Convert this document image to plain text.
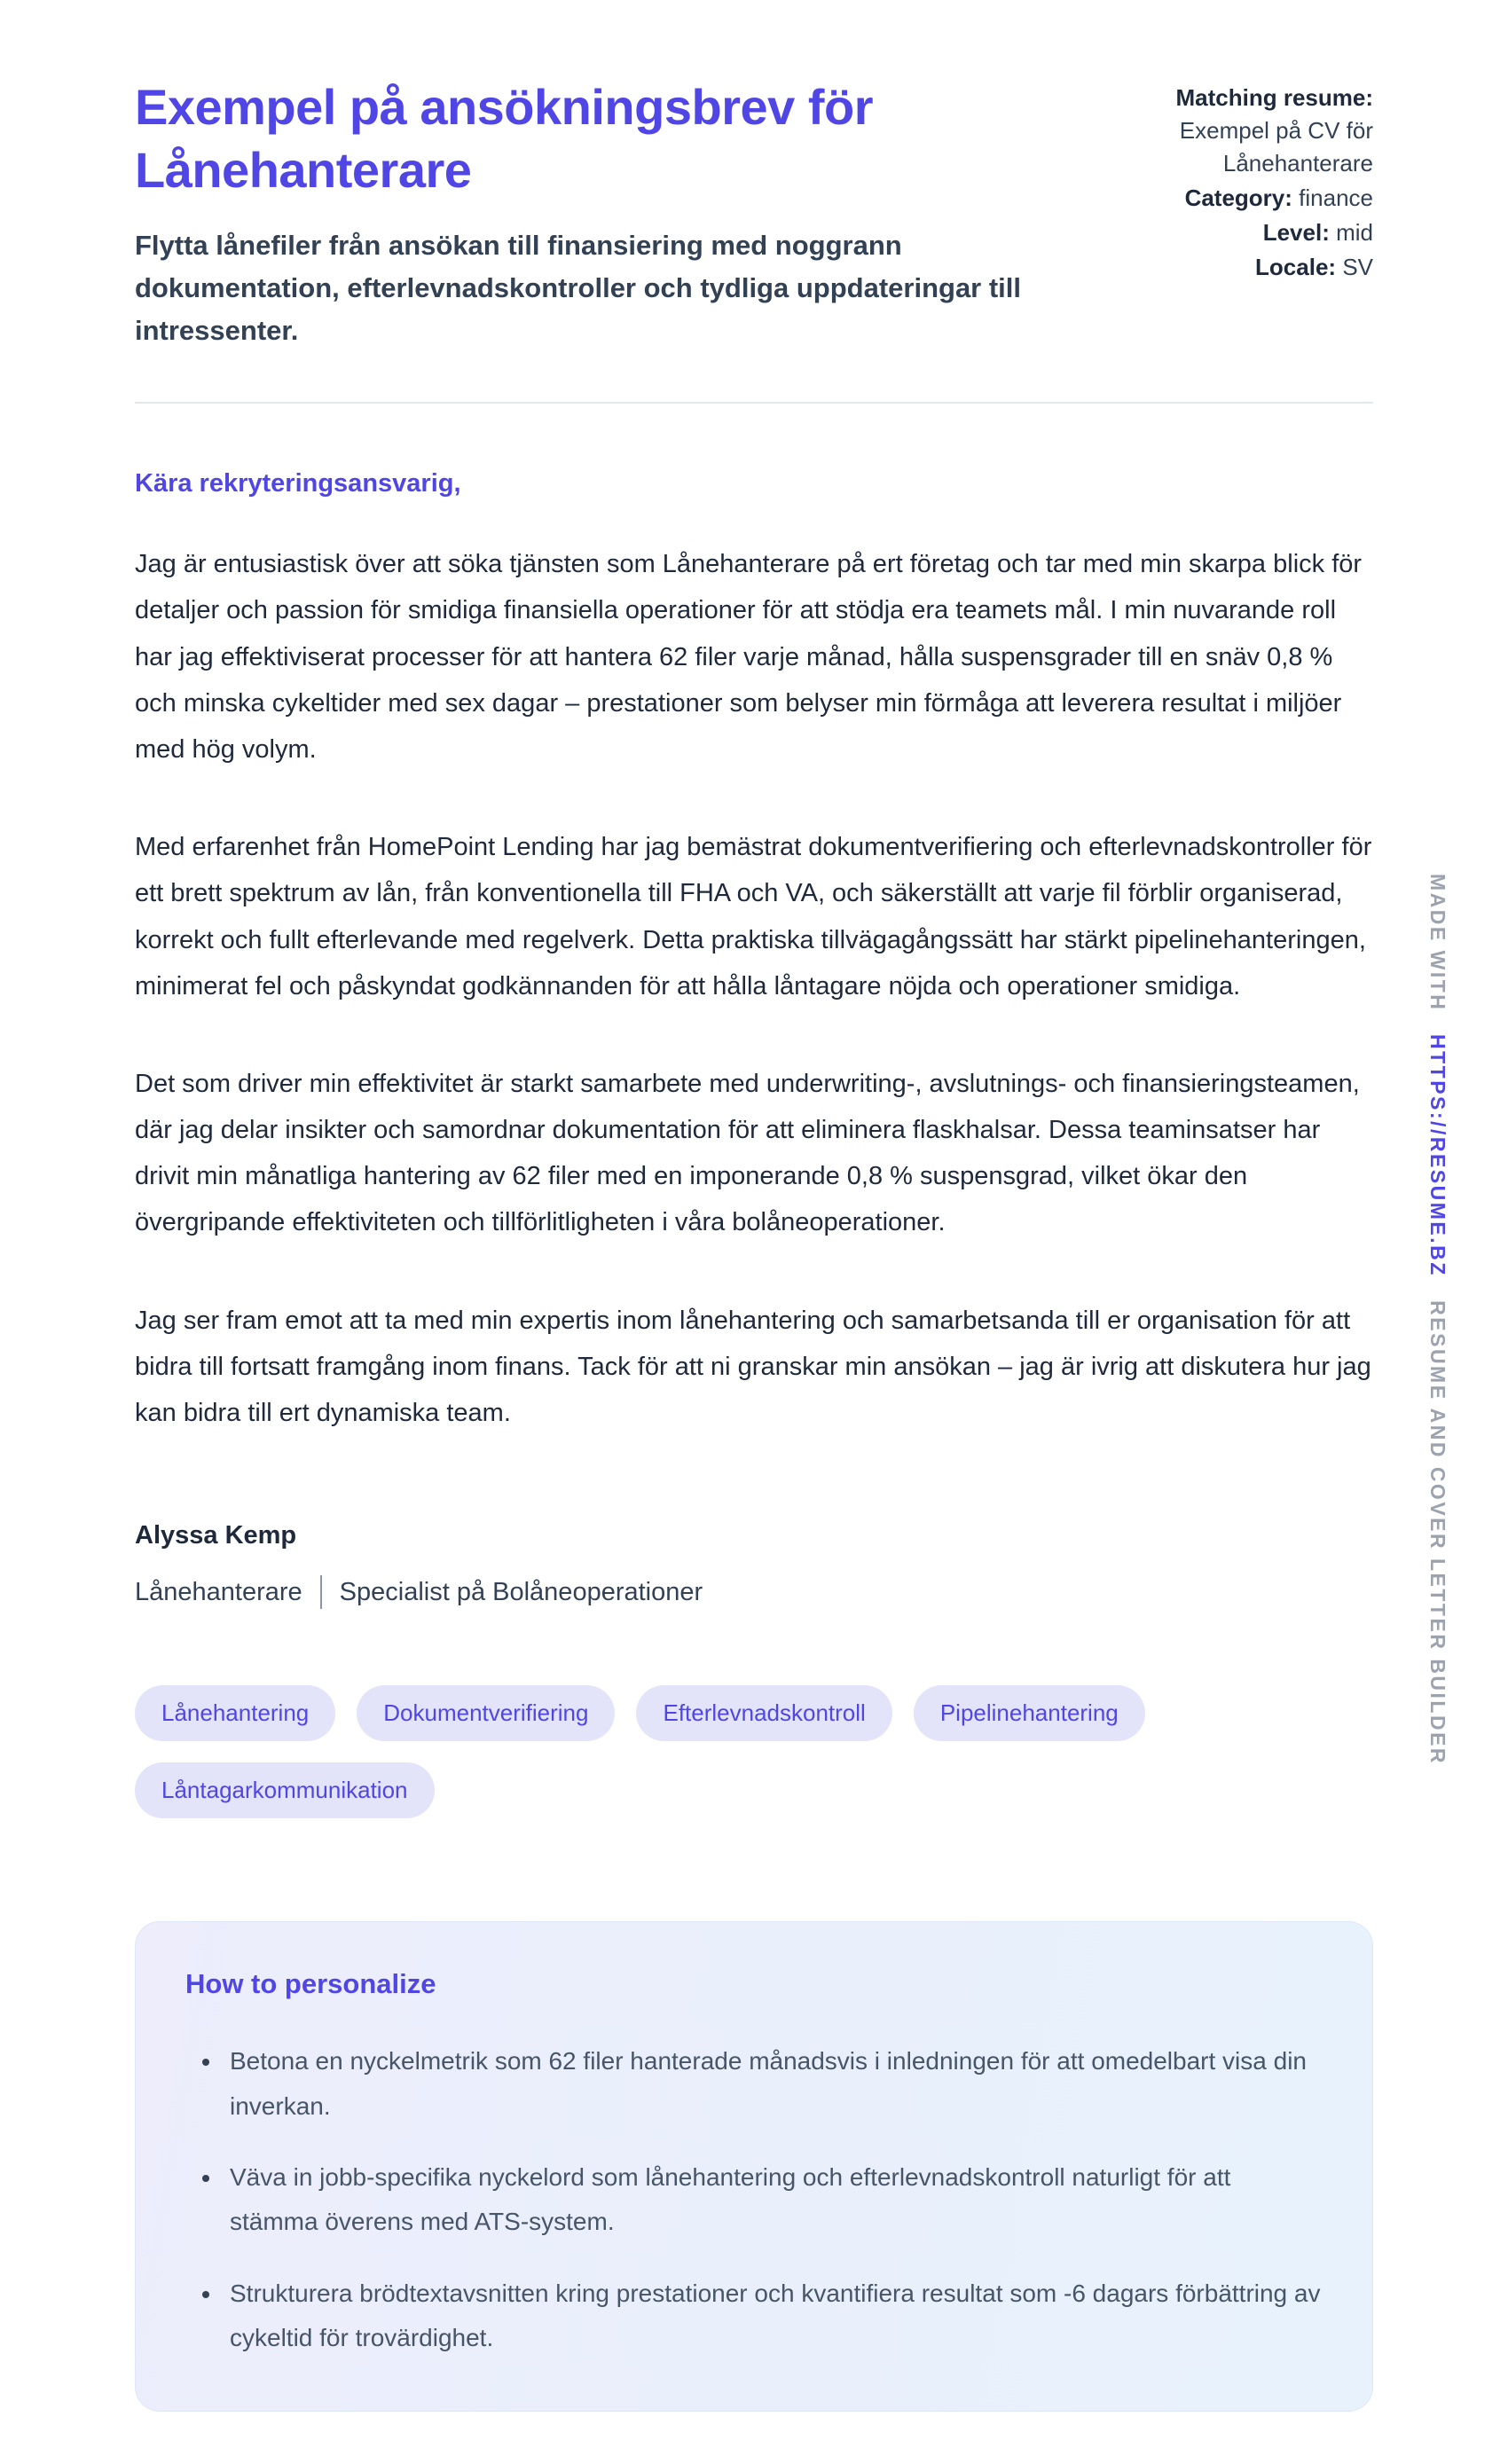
Exempel på ansökningsbrev för Lånehanterare

Flytta lånefiler från ansökan till finansiering med noggrann dokumentation, efterlevnadskontroller och tydliga uppdateringar till intressenter.

Matching resume:
Exempel på CV för Lånehanterare
Category: finance
Level: mid
Locale: SV

Kära rekryteringsansvarig,

Jag är entusiastisk över att söka tjänsten som Lånehanterare på ert företag och tar med min skarpa blick för detaljer och passion för smidiga finansiella operationer för att stödja era teamets mål. I min nuvarande roll har jag effektiviserat processer för att hantera 62 filer varje månad, hålla suspensgrader till en snäv 0,8 % och minska cykeltider med sex dagar – prestationer som belyser min förmåga att leverera resultat i miljöer med hög volym.

Med erfarenhet från HomePoint Lending har jag bemästrat dokumentverifiering och efterlevnadskontroller för ett brett spektrum av lån, från konventionella till FHA och VA, och säkerställt att varje fil förblir organiserad, korrekt och fullt efterlevande med regelverk. Detta praktiska tillvägagångssätt har stärkt pipelinehanteringen, minimerat fel och påskyndat godkännanden för att hålla låntagare nöjda och operationer smidiga.

Det som driver min effektivitet är starkt samarbete med underwriting-, avslutnings- och finansieringsteamen, där jag delar insikter och samordnar dokumentation för att eliminera flaskhalsar. Dessa teaminsatser har drivit min månatliga hantering av 62 filer med en imponerande 0,8 % suspensgrad, vilket ökar den övergripande effektiviteten och tillförlitligheten i våra bolåneoperationer.

Jag ser fram emot att ta med min expertis inom lånehantering och samarbetsanda till er organisation för att bidra till fortsatt framgång inom finans. Tack för att ni granskar min ansökan – jag är ivrig att diskutera hur jag kan bidra till ert dynamiska team.

Alyssa Kemp

Lånehanterare Specialist på Bolåneoperationer

Lånehantering	Dokumentverifiering	Efterlevnadskontroll	Pipelinehantering
Låntagarkommunikation
How to personalize
• Betona en nyckelmetrik som 62 filer hanterade månadsvis i inledningen för att omedelbart visa din inverkan.
• Väva in jobb-specifika nyckelord som lånehantering och efterlevnadskontroll naturligt för att stämma överens med ATS-system.
• Strukturera brödtextavsnitten kring prestationer och kvantifiera resultat som -6 dagars förbättring av cykeltid för trovärdighet.
MADE WITHHTTPS://RESUME.BZRESUME AND COVER LETTER BUILDER
